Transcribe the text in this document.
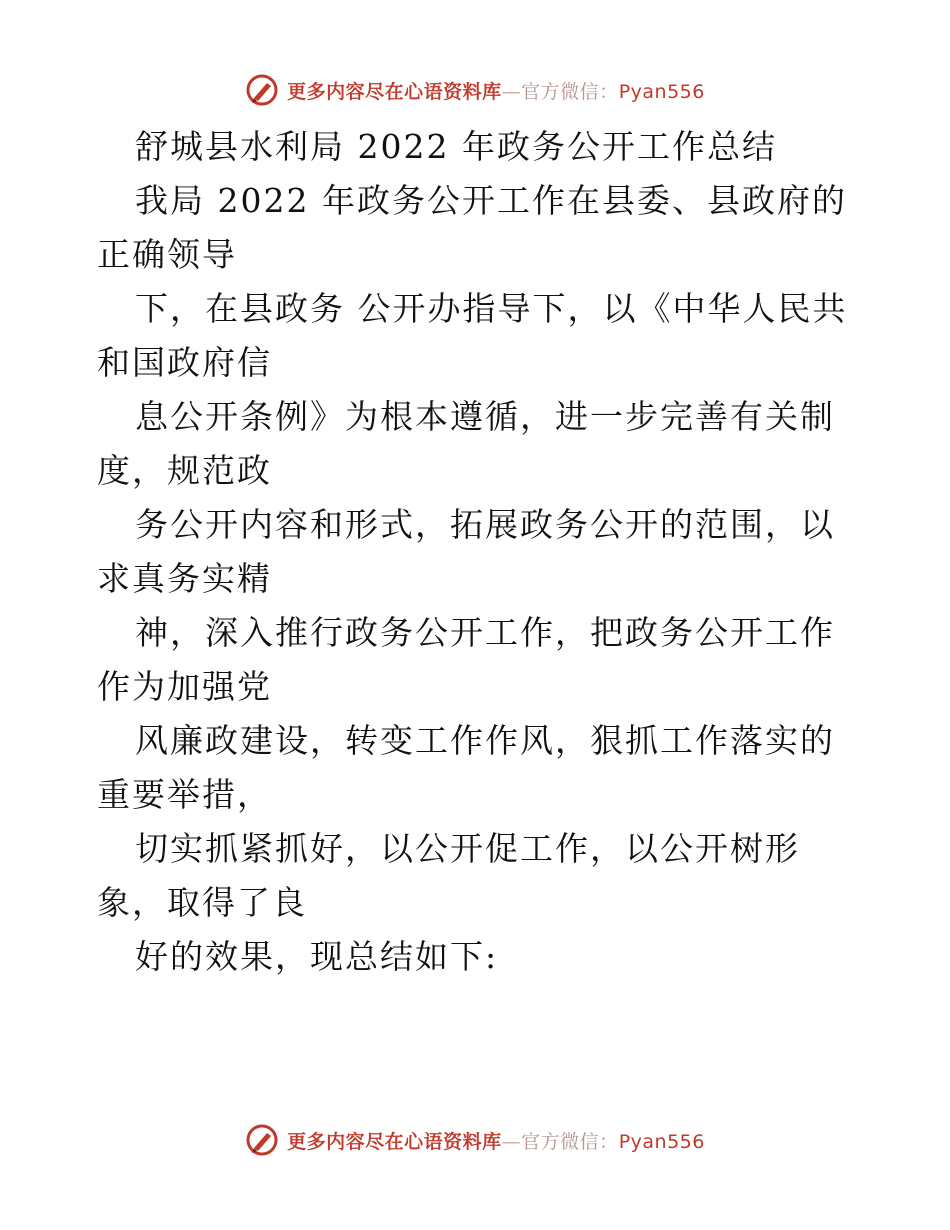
更多内容尽在心语资料库—官方微信：Pyan556

舒城县水利局 2022 年政务公开工作总结

我局 2022 年政务公开工作在县委、县政府的正确领导

下，在县政务 公开办指导下，以《中华人民共和国政府信

息公开条例》为根本遵循，进一步完善有关制度，规范政

务公开内容和形式，拓展政务公开的范围，以求真务实精

神，深入推行政务公开工作，把政务公开工作作为加强党

风廉政建设，转变工作作风，狠抓工作落实的重要举措，

切实抓紧抓好，以公开促工作，以公开树形象，取得了良

好的效果，现总结如下:

更多内容尽在心语资料库—官方微信：Pyan556
